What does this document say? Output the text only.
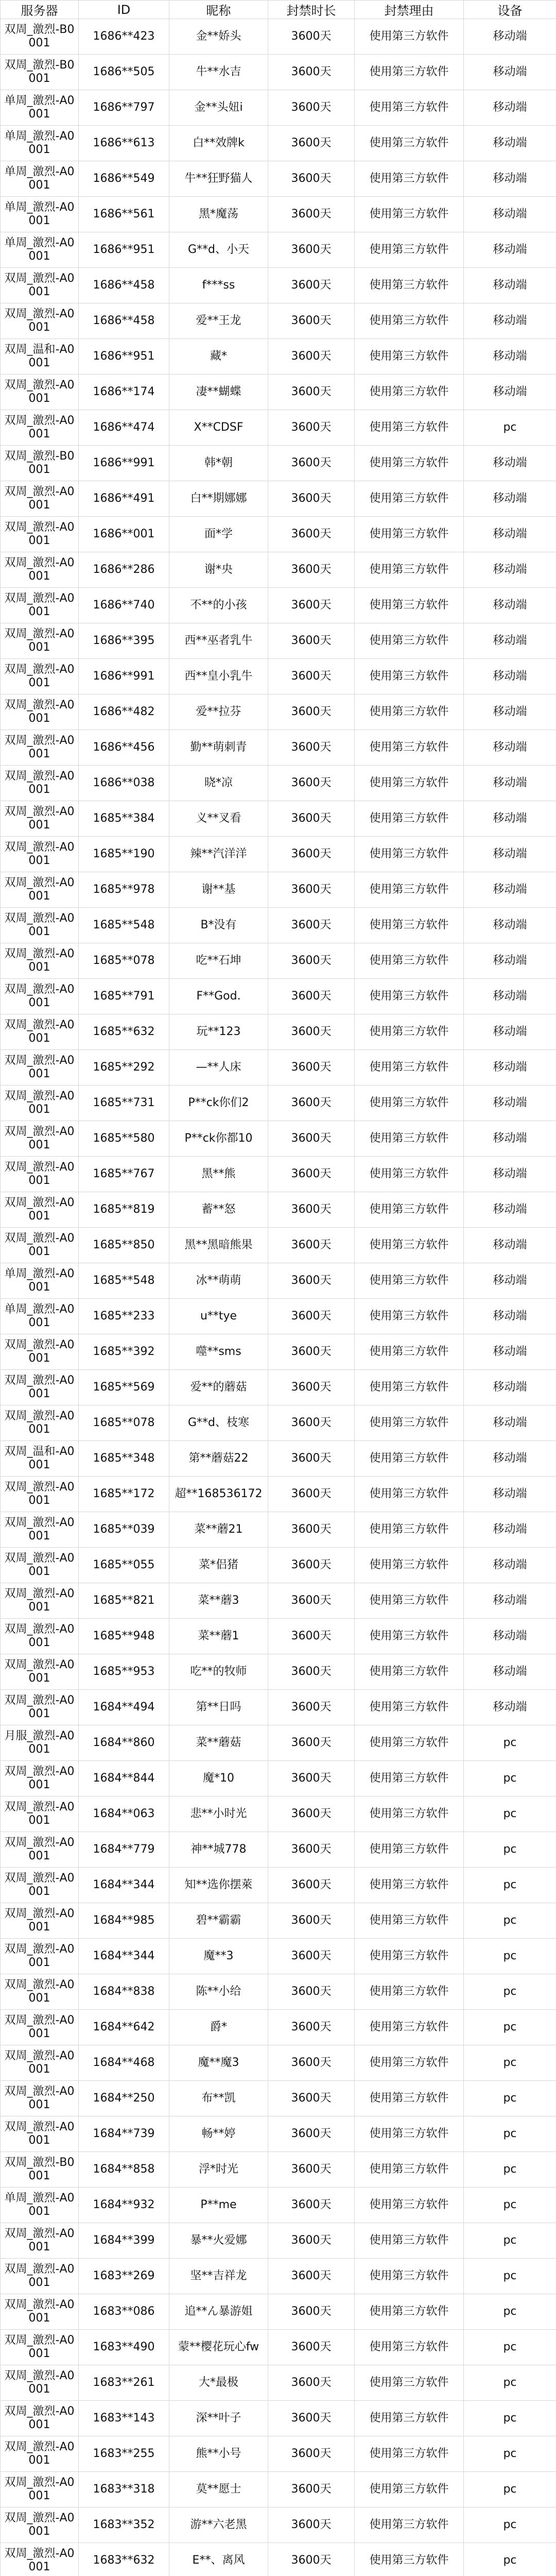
服务器	ID	昵称	封禁时长	封禁理由	设备
双周_激烈-B0001	1686**423	金**娇头	3600天	使用第三方软件	移动端
双周_激烈-B0001	1686**505	牛**水吉	3600天	使用第三方软件	移动端
单周_激烈-A0001	1686**797	金**头妞i	3600天	使用第三方软件	移动端
单周_激烈-A0001	1686**613	白**效牌k	3600天	使用第三方软件	移动端
单周_激烈-A0001	1686**549	牛**狂野猫人	3600天	使用第三方软件	移动端
单周_激烈-A0001	1686**561	黑*魔荡	3600天	使用第三方软件	移动端
单周_激烈-A0001	1686**951	G**d、小天	3600天	使用第三方软件	移动端
双周_激烈-A0001	1686**458	f***ss	3600天	使用第三方软件	移动端
双周_激烈-A0001	1686**458	爱**王龙	3600天	使用第三方软件	移动端
双周_温和-A0001	1686**951	藏*	3600天	使用第三方软件	移动端
双周_激烈-A0001	1686**174	凄**蝴蝶	3600天	使用第三方软件	移动端
双周_激烈-A0001	1686**474	X**CDSF	3600天	使用第三方软件	pc
双周_激烈-B0001	1686**991	韩*朝	3600天	使用第三方软件	移动端
双周_激烈-A0001	1686**491	白**期娜娜	3600天	使用第三方软件	移动端
双周_激烈-A0001	1686**001	面*学	3600天	使用第三方软件	移动端
双周_激烈-A0001	1686**286	谢*央	3600天	使用第三方软件	移动端
双周_激烈-A0001	1686**740	不**的小孩	3600天	使用第三方软件	移动端
双周_激烈-A0001	1686**395	西**巫者乳牛	3600天	使用第三方软件	移动端
双周_激烈-A0001	1686**991	西**皇小乳牛	3600天	使用第三方软件	移动端
双周_激烈-A0001	1686**482	爱**拉芬	3600天	使用第三方软件	移动端
双周_激烈-A0001	1686**456	勤**萌刺青	3600天	使用第三方软件	移动端
双周_激烈-A0001	1686**038	晓*凉	3600天	使用第三方软件	移动端
双周_激烈-A0001	1685**384	义**叉看	3600天	使用第三方软件	移动端
双周_激烈-A0001	1685**190	辣**汽洋洋	3600天	使用第三方软件	移动端
双周_激烈-A0001	1685**978	谢**基	3600天	使用第三方软件	移动端
双周_激烈-A0001	1685**548	B*没有	3600天	使用第三方软件	移动端
双周_激烈-A0001	1685**078	吃**石坤	3600天	使用第三方软件	移动端
双周_激烈-A0001	1685**791	F**God.	3600天	使用第三方软件	移动端
双周_激烈-A0001	1685**632	玩**123	3600天	使用第三方软件	移动端
双周_激烈-A0001	1685**292	—**人床	3600天	使用第三方软件	移动端
双周_激烈-A0001	1685**731	P**ck你们2	3600天	使用第三方软件	移动端
双周_激烈-A0001	1685**580	P**ck你都10	3600天	使用第三方软件	移动端
双周_激烈-A0001	1685**767	黑**熊	3600天	使用第三方软件	移动端
双周_激烈-A0001	1685**819	蓄**怒	3600天	使用第三方软件	移动端
双周_激烈-A0001	1685**850	黑**黑暗熊果	3600天	使用第三方软件	移动端
单周_激烈-A0001	1685**548	冰**萌萌	3600天	使用第三方软件	移动端
单周_激烈-A0001	1685**233	u**tye	3600天	使用第三方软件	移动端
双周_激烈-A0001	1685**392	噬**sms	3600天	使用第三方软件	移动端
双周_激烈-A0001	1685**569	爱**的蘑菇	3600天	使用第三方软件	移动端
双周_激烈-A0001	1685**078	G**d、枝寒	3600天	使用第三方软件	移动端
双周_温和-A0001	1685**348	第**蘑菇22	3600天	使用第三方软件	移动端
双周_激烈-A0001	1685**172	超**168536172	3600天	使用第三方软件	移动端
双周_激烈-A0001	1685**039	菜**蘑21	3600天	使用第三方软件	移动端
双周_激烈-A0001	1685**055	菜*侣猪	3600天	使用第三方软件	移动端
双周_激烈-A0001	1685**821	菜**蘑3	3600天	使用第三方软件	移动端
双周_激烈-A0001	1685**948	菜**蘑1	3600天	使用第三方软件	移动端
双周_激烈-A0001	1685**953	吃**的牧师	3600天	使用第三方软件	移动端
双周_激烈-A0001	1684**494	第**日吗	3600天	使用第三方软件	移动端
月服_激烈-A0001	1684**860	菜**蘑菇	3600天	使用第三方软件	pc
双周_激烈-A0001	1684**844	魔*10	3600天	使用第三方软件	pc
双周_激烈-A0001	1684**063	悲**小时光	3600天	使用第三方软件	pc
双周_激烈-A0001	1684**779	神**城778	3600天	使用第三方软件	pc
双周_激烈-A0001	1684**344	知**选你摆萊	3600天	使用第三方软件	pc
双周_激烈-A0001	1684**985	碧**霸霸	3600天	使用第三方软件	pc
双周_激烈-A0001	1684**344	魔**3	3600天	使用第三方软件	pc
双周_激烈-A0001	1684**838	陈**小给	3600天	使用第三方软件	pc
双周_激烈-A0001	1684**642	爵*	3600天	使用第三方软件	pc
双周_激烈-A0001	1684**468	魔**魔3	3600天	使用第三方软件	pc
双周_激烈-A0001	1684**250	布**凯	3600天	使用第三方软件	pc
双周_激烈-A0001	1684**739	畅**婷	3600天	使用第三方软件	pc
双周_激烈-B0001	1684**858	浮*时光	3600天	使用第三方软件	pc
单周_激烈-A0001	1684**932	P**me	3600天	使用第三方软件	pc
双周_激烈-A0001	1684**399	暴**火爱娜	3600天	使用第三方软件	pc
双周_激烈-A0001	1683**269	坚**吉祥龙	3600天	使用第三方软件	pc
双周_激烈-A0001	1683**086	追**ん暴游姐	3600天	使用第三方软件	pc
双周_激烈-A0001	1683**490	蒙**樱花玩心fw	3600天	使用第三方软件	pc
双周_激烈-A0001	1683**261	大*最极	3600天	使用第三方软件	pc
双周_激烈-A0001	1683**143	深**叶子	3600天	使用第三方软件	pc
双周_激烈-A0001	1683**255	熊**小号	3600天	使用第三方软件	pc
双周_激烈-A0001	1683**318	莫**愿士	3600天	使用第三方软件	pc
双周_激烈-A0001	1683**352	游**六老黑	3600天	使用第三方软件	pc
双周_激烈-A0001	1683**632	E**、离风	3600天	使用第三方软件	pc
